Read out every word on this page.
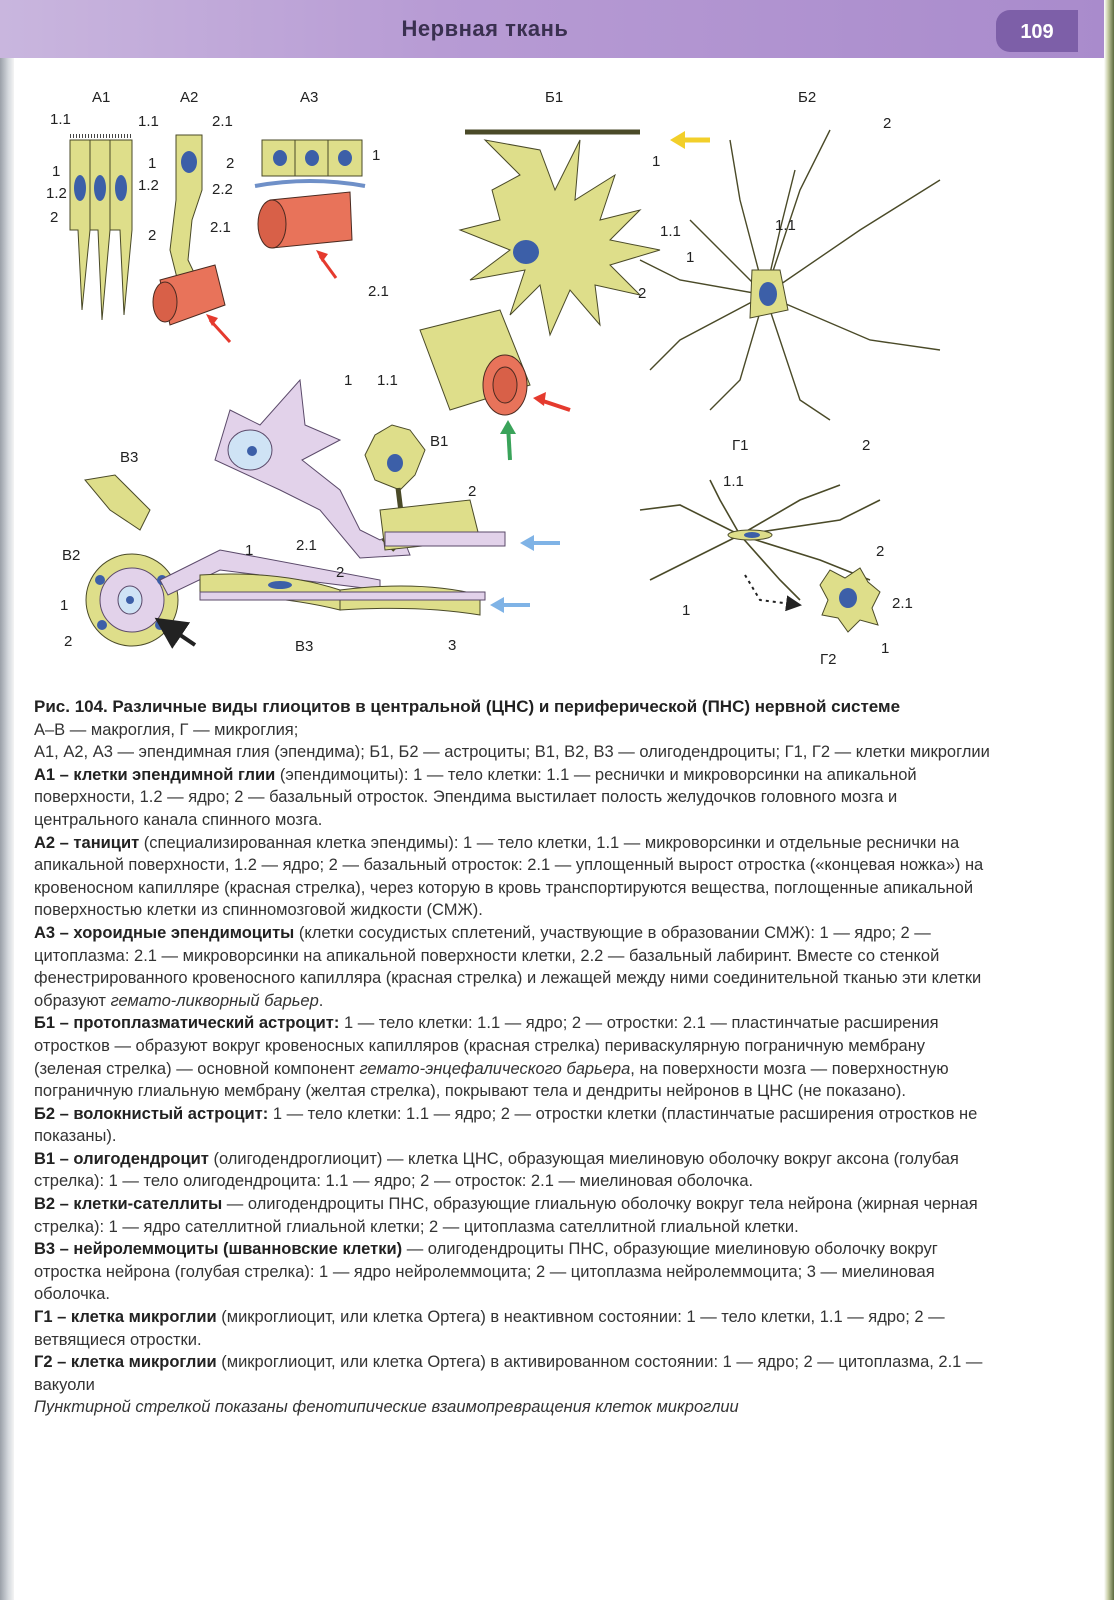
Нервная ткань	109
А1	А2	А3	Б1	Б2
1.1
1
1.2
2
1.1
1
1.2
2	2.1
2.1
2	1
2.2
1
1.1
2
2.1
2
1.1
1
1 1.1
В1
2
2.1
В3
В2
1
2
1
2
3
В3
Г1
1.1
2
1
2
2.1
1
Г2

Рис. 104. Различные виды глиоцитов в центральной (ЦНС) и периферической (ПНС) нервной системе

А–В — макроглия, Г — микроглия;

А1, А2, А3 — эпендимная глия (эпендима); Б1, Б2 — астроциты; В1, В2, В3 — олигодендроциты; Г1, Г2 — клетки микроглии

А1 – клетки эпендимной глии (эпендимоциты): 1 — тело клетки: 1.1 — реснички и микроворсинки на апикальной поверхности, 1.2 — ядро; 2 — базальный отросток. Эпендима выстилает полость желудочков головного мозга и центрального канала спинного мозга.

А2 – таницит (специализированная клетка эпендимы): 1 — тело клетки, 1.1 — микроворсинки и отдельные реснички на апикальной поверхности, 1.2 — ядро; 2 — базальный отросток: 2.1 — уплощенный вырост отростка («концевая ножка») на кровеносном капилляре (красная стрелка), через которую в кровь транспортируются вещества, поглощенные апикальной поверхностью клетки из спинномозговой жидкости (СМЖ).

А3 – хороидные эпендимоциты (клетки сосудистых сплетений, участвующие в образовании СМЖ): 1 — ядро; 2 — цитоплазма: 2.1 — микроворсинки на апикальной поверхности клетки, 2.2 — базальный лабиринт. Вместе со стенкой фенестрированного кровеносного капилляра (красная стрелка) и лежащей между ними соединительной тканью эти клетки образуют гемато-ликворный барьер.

Б1 – протоплазматический астроцит: 1 — тело клетки: 1.1 — ядро; 2 — отростки: 2.1 — пластинчатые расширения отростков — образуют вокруг кровеносных капилляров (красная стрелка) периваскулярную пограничную мембрану (зеленая стрелка) — основной компонент гемато-энцефалического барьера, на поверхности мозга — поверхностную пограничную глиальную мембрану (желтая стрелка), покрывают тела и дендриты нейронов в ЦНС (не показано).

Б2 – волокнистый астроцит: 1 — тело клетки: 1.1 — ядро; 2 — отростки клетки (пластинчатые расширения отростков не показаны).

В1 – олигодендроцит (олигодендроглиоцит) — клетка ЦНС, образующая миелиновую оболочку вокруг аксона (голубая стрелка): 1 — тело олигодендроцита: 1.1 — ядро; 2 — отросток: 2.1 — миелиновая оболочка.

В2 – клетки-сателлиты — олигодендроциты ПНС, образующие глиальную оболочку вокруг тела нейрона (жирная черная стрелка): 1 — ядро сателлитной глиальной клетки; 2 — цитоплазма сателлитной глиальной клетки.

В3 – нейролеммоциты (шванновские клетки) — олигодендроциты ПНС, образующие миелиновую оболочку вокруг отростка нейрона (голубая стрелка): 1 — ядро нейролеммоцита; 2 — цитоплазма нейролеммоцита; 3 — миелиновая оболочка.

Г1 – клетка микроглии (микроглиоцит, или клетка Ортега) в неактивном состоянии: 1 — тело клетки, 1.1 — ядро; 2 — ветвящиеся отростки.

Г2 – клетка микроглии (микроглиоцит, или клетка Ортега) в активированном состоянии: 1 — ядро; 2 — цитоплазма, 2.1 — вакуоли

Пунктирной стрелкой показаны фенотипические взаимопревращения клеток микроглии
